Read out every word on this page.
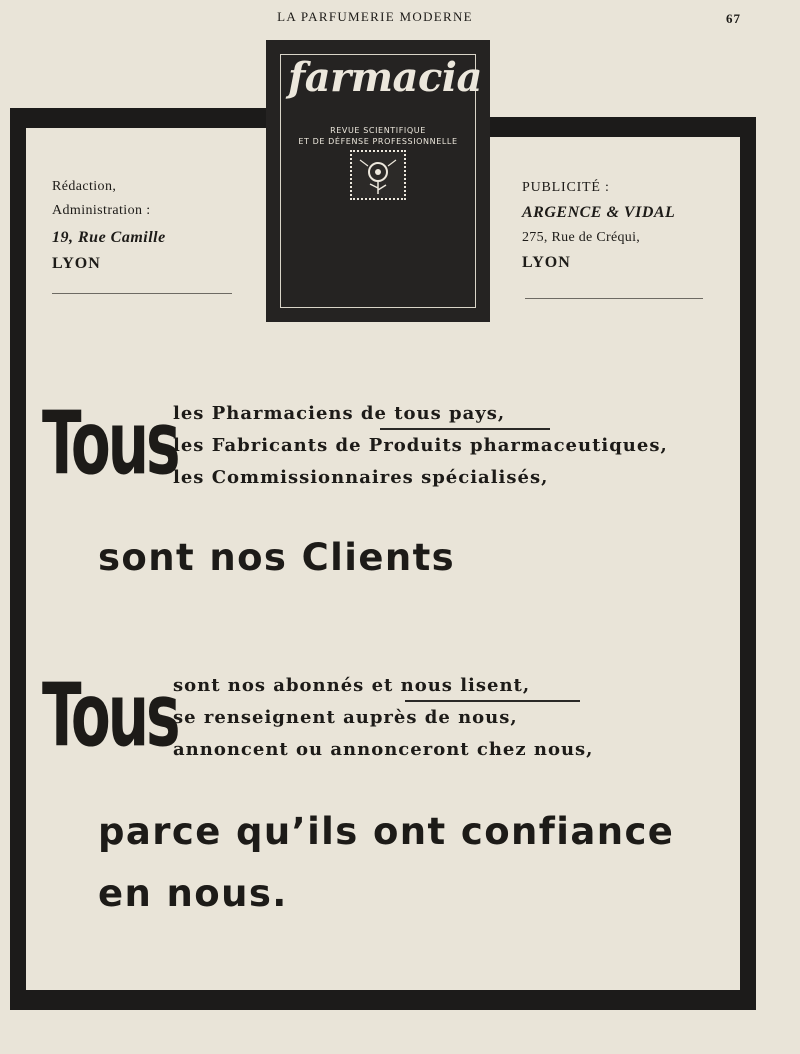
LA PARFUMERIE MODERNE	67
Rédaction,
Administration :
19, Rue Camille
LYON
PUBLICITÉ :
ARGENCE & VIDAL
275, Rue de Créqui,
LYON
farmacia
REVUE SCIENTIFIQUE
ET DE DÉFENSE PROFESSIONNELLE
Tous
les Pharmaciens de tous pays,
les Fabricants de Produits pharmaceutiques,
les Commissionnaires spécialisés,
sont nos Clients
Tous
sont nos abonnés et nous lisent,
se renseignent auprès de nous,
annoncent ou annonceront chez nous,
parce qu’ils ont confiance
en nous.
